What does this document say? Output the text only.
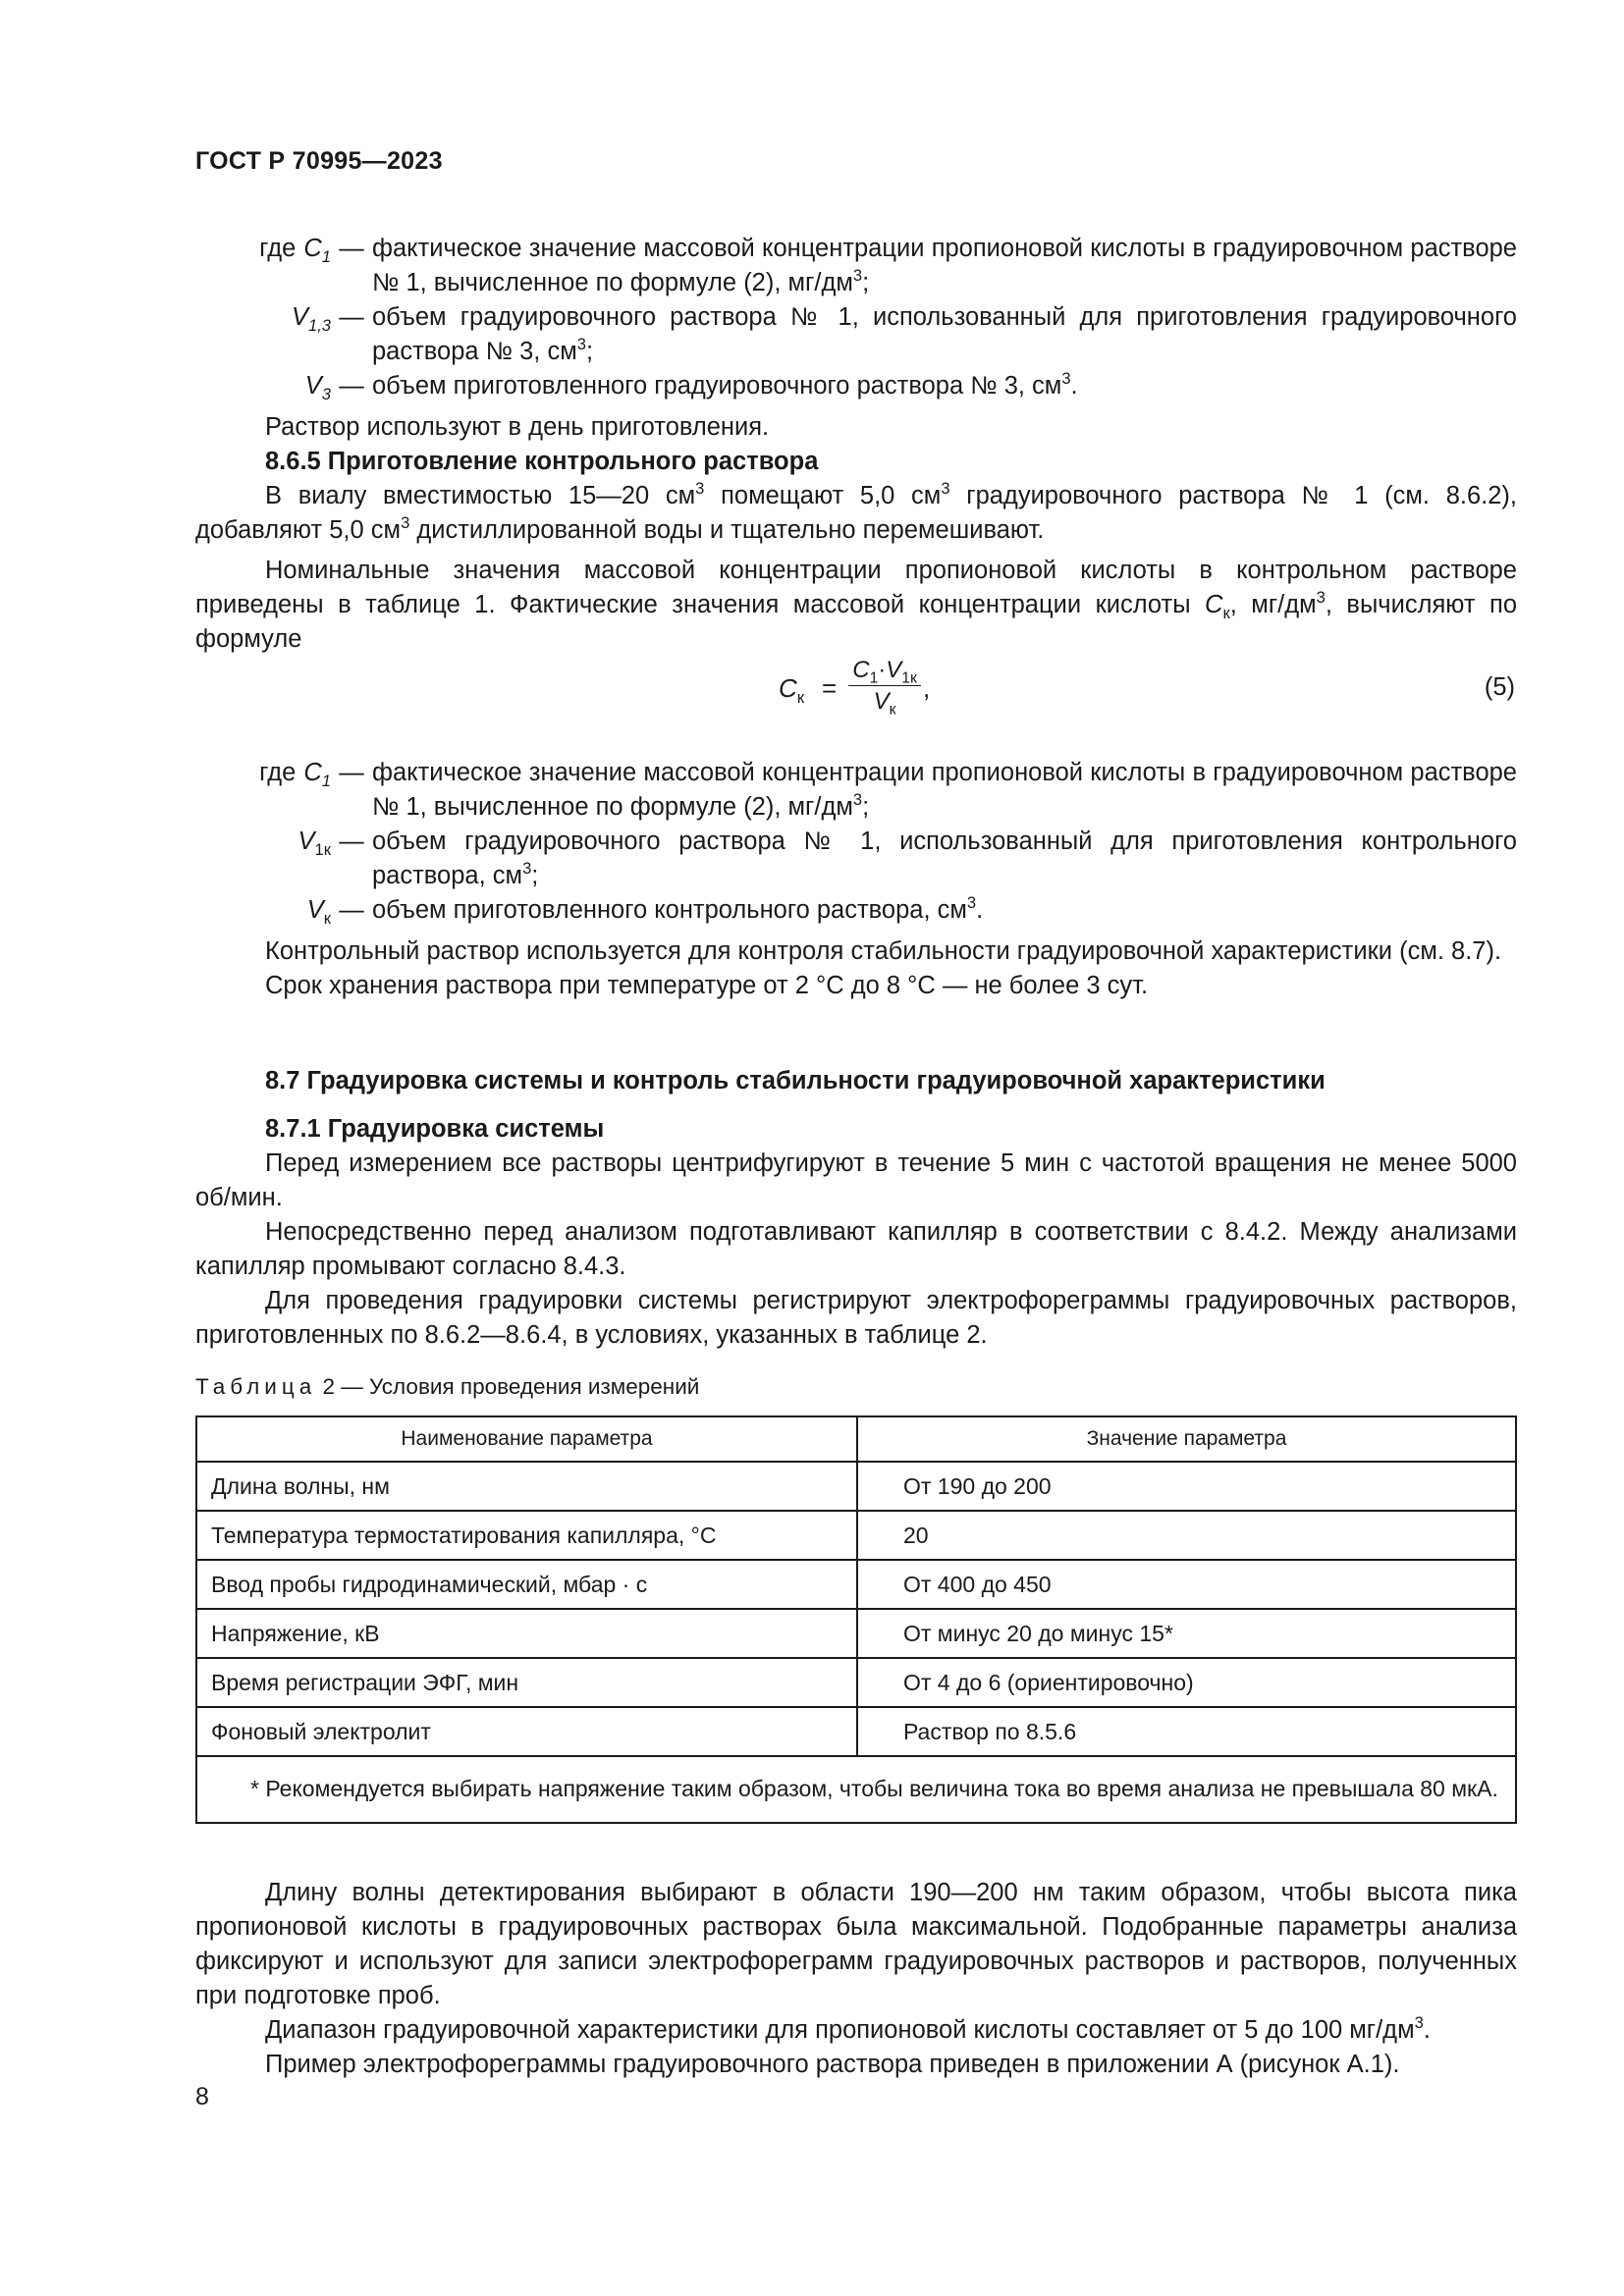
ГОСТ Р 70995—2023
где $C_1$ — фактическое значение массовой концентрации пропионовой кислоты в градуировочном растворе № 1, вычисленное по формуле (2), $мг/дм^3$;
$V_{1,3}$ — объем градуировочного раствора № 1, использованный для приготовления градуировочного раствора № 3, $см^3$;
$V_3$ — объем приготовленного градуировочного раствора № 3, $см^3$.

Раствор используют в день приготовления.

8.6.5 Приготовление контрольного раствора

В виалу вместимостью 15—20 $см^3$ помещают 5,0 $см^3$ градуировочного раствора № 1 (см. 8.6.2), добавляют 5,0 $см^3$ дистиллированной воды и тщательно перемешивают.

Номинальные значения массовой концентрации пропионовой кислоты в контрольном растворе приведены в таблице 1. Фактические значения массовой концентрации кислоты $C_к$, $мг/дм^3$, вычисляют по формуле

$C_к$ =
$C_1\cdot V_{1к}$
$V_к$
,	(5)
где $C_1$ — фактическое значение массовой концентрации пропионовой кислоты в градуировочном растворе № 1, вычисленное по формуле (2), $мг/дм^3$;
$V_{1к}$ — объем градуировочного раствора № 1, использованный для приготовления контрольного раствора, $см^3$;
$V_к$ — объем приготовленного контрольного раствора, $см^3$.

Контрольный раствор используется для контроля стабильности градуировочной характеристики (см. 8.7).

Срок хранения раствора при температуре от 2 °С до 8 °С — не более 3 сут.

8.7 Градуировка системы и контроль стабильности градуировочной характеристики

8.7.1 Градуировка системы

Перед измерением все растворы центрифугируют в течение 5 мин с частотой вращения не менее 5000 об/мин.

Непосредственно перед анализом подготавливают капилляр в соответствии с 8.4.2. Между анализами капилляр промывают согласно 8.4.3.

Для проведения градуировки системы регистрируют электрофореграммы градуировочных растворов, приготовленных по 8.6.2—8.6.4, в условиях, указанных в таблице 2.

Таблица 2 — Условия проведения измерений
Наименование параметра	Значение параметра
Длина волны, нм	От 190 до 200
Температура термостатирования капилляра, °С	20
Ввод пробы гидродинамический, мбар · с	От 400 до 450
Напряжение, кВ	От минус 20 до минус 15*
Время регистрации ЭФГ, мин	От 4 до 6 (ориентировочно)
Фоновый электролит	Раствор по 8.5.6

* Рекомендуется выбирать напряжение таким образом, чтобы величина тока во время анализа не превышала 80 мкА.	

Длину волны детектирования выбирают в области 190—200 нм таким образом, чтобы высота пика пропионовой кислоты в градуировочных растворах была максимальной. Подобранные параметры анализа фиксируют и используют для записи электрофореграмм градуировочных растворов и растворов, полученных при подготовке проб.

Диапазон градуировочной характеристики для пропионовой кислоты составляет от 5 до 100 $мг/дм^3$.

Пример электрофореграммы градуировочного раствора приведен в приложении А (рисунок А.1).

8
